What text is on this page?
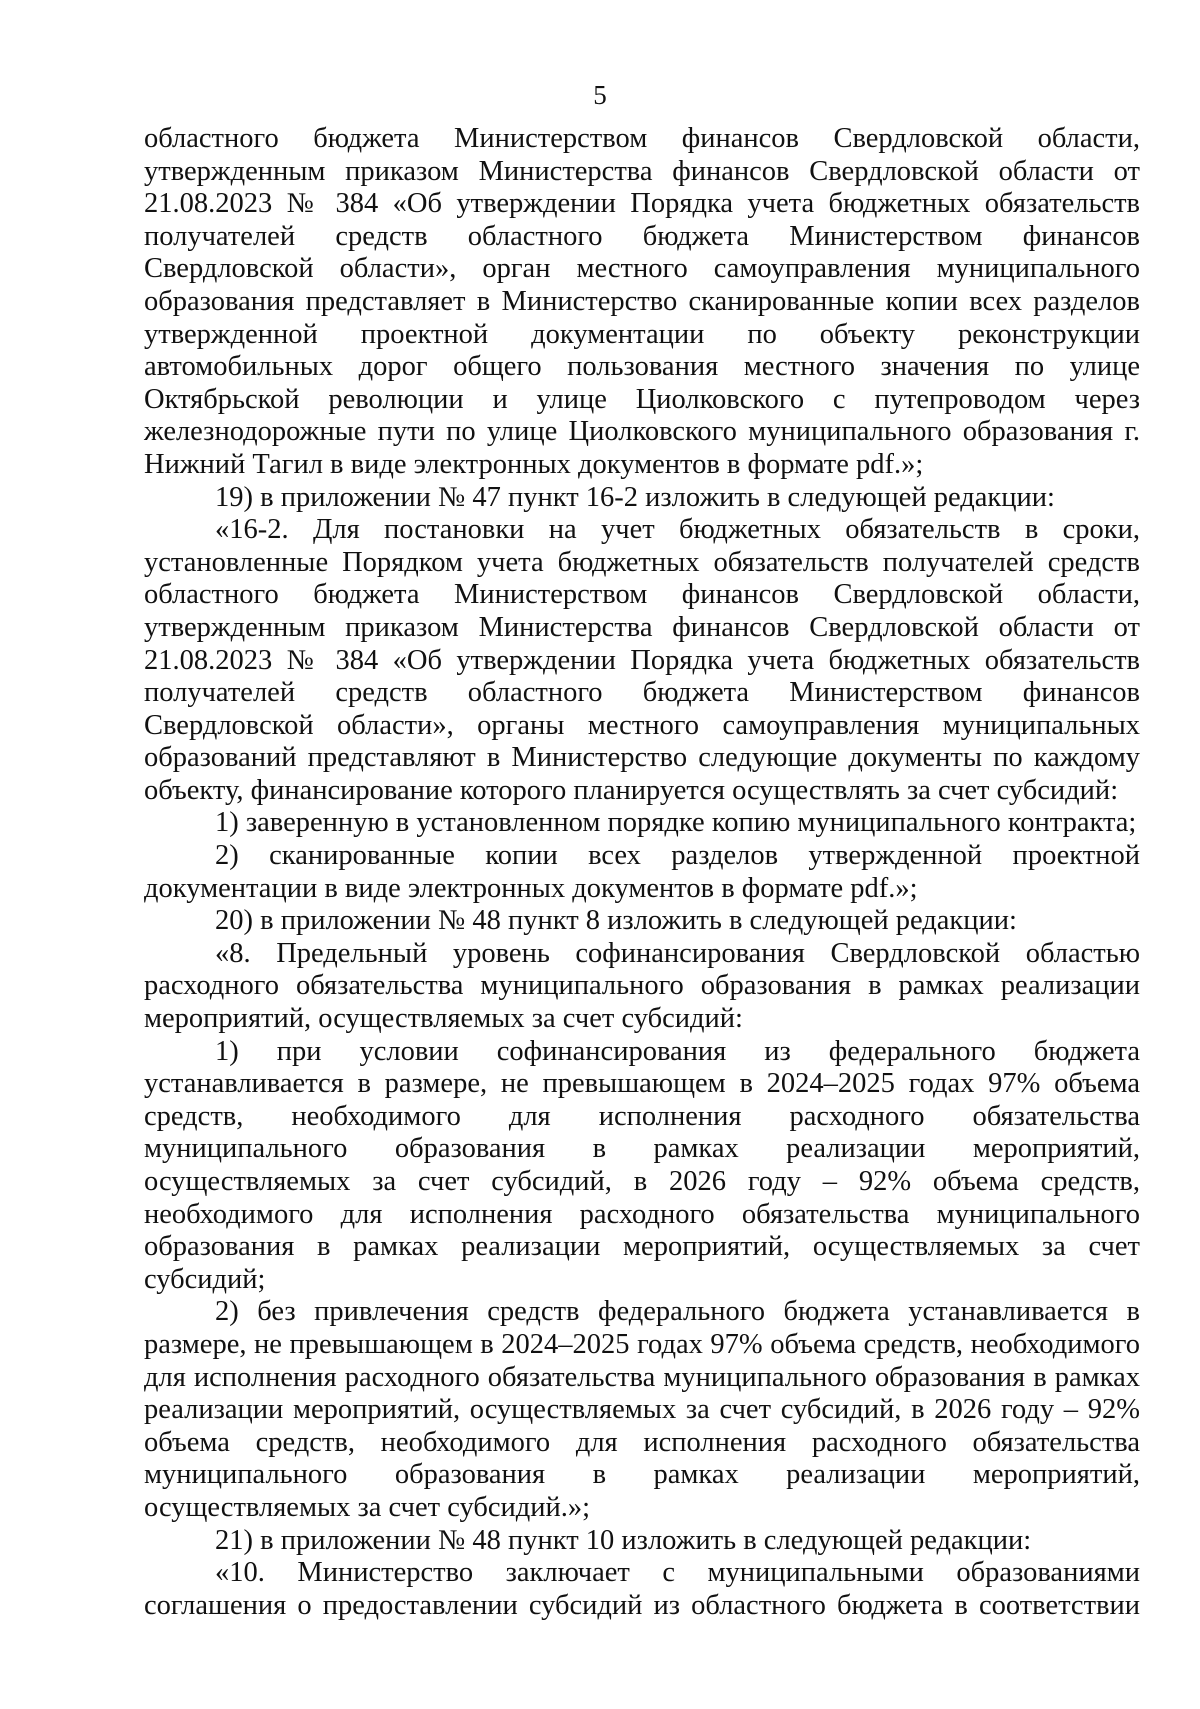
5

областного бюджета Министерством финансов Свердловской области, утвержденным приказом Министерства финансов Свердловской области от 21.08.2023 № 384 «Об утверждении Порядка учета бюджетных обязательств получателей средств областного бюджета Министерством финансов Свердловской области», орган местного самоуправления муниципального образования представляет в Министерство сканированные копии всех разделов утвержденной проектной документации по объекту реконструкции автомобильных дорог общего пользования местного значения по улице Октябрьской революции и улице Циолковского с путепроводом через железнодорожные пути по улице Циолковского муниципального образования г. Нижний Тагил в виде электронных документов в формате pdf.»;

19) в приложении № 47 пункт 16-2 изложить в следующей редакции:

«16-2. Для постановки на учет бюджетных обязательств в сроки, установленные Порядком учета бюджетных обязательств получателей средств областного бюджета Министерством финансов Свердловской области, утвержденным приказом Министерства финансов Свердловской области от 21.08.2023 № 384 «Об утверждении Порядка учета бюджетных обязательств получателей средств областного бюджета Министерством финансов Свердловской области», органы местного самоуправления муниципальных образований представляют в Министерство следующие документы по каждому объекту, финансирование которого планируется осуществлять за счет субсидий:

1) заверенную в установленном порядке копию муниципального контракта;

2) сканированные копии всех разделов утвержденной проектной документации в виде электронных документов в формате pdf.»;

20) в приложении № 48 пункт 8 изложить в следующей редакции:

«8. Предельный уровень софинансирования Свердловской областью расходного обязательства муниципального образования в рамках реализации мероприятий, осуществляемых за счет субсидий:

1) при условии софинансирования из федерального бюджета устанавливается в размере, не превышающем в 2024–2025 годах 97% объема средств, необходимого для исполнения расходного обязательства муниципального образования в рамках реализации мероприятий, осуществляемых за счет субсидий, в 2026 году – 92% объема средств, необходимого для исполнения расходного обязательства муниципального образования в рамках реализации мероприятий, осуществляемых за счет субсидий;

2) без привлечения средств федерального бюджета устанавливается в размере, не превышающем в 2024–2025 годах 97% объема средств, необходимого для исполнения расходного обязательства муниципального образования в рамках реализации мероприятий, осуществляемых за счет субсидий, в 2026 году – 92% объема средств, необходимого для исполнения расходного обязательства муниципального образования в рамках реализации мероприятий, осуществляемых за счет субсидий.»;

21) в приложении № 48 пункт 10 изложить в следующей редакции:

«10. Министерство заключает с муниципальными образованиями соглашения о предоставлении субсидий из областного бюджета в соответствии
